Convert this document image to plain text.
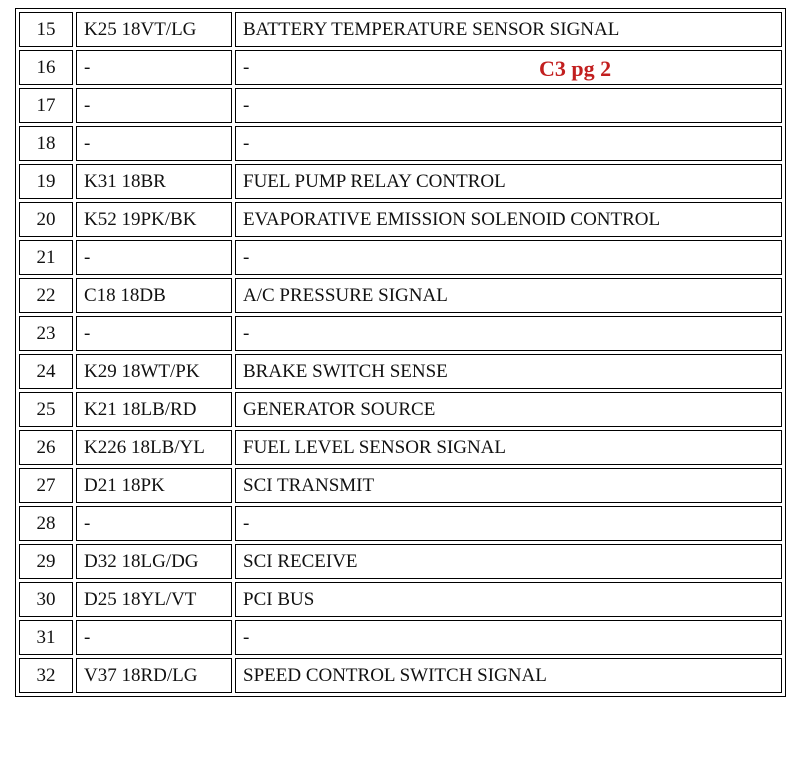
15	K25 18VT/LG	BATTERY TEMPERATURE SENSOR SIGNAL
16	-	-
17	-	-
18	-	-
19	K31 18BR	FUEL PUMP RELAY CONTROL
20	K52 19PK/BK	EVAPORATIVE EMISSION SOLENOID CONTROL
21	-	-
22	C18 18DB	A/C PRESSURE SIGNAL
23	-	-
24	K29 18WT/PK	BRAKE SWITCH SENSE
25	K21 18LB/RD	GENERATOR SOURCE
26	K226 18LB/YL	FUEL LEVEL SENSOR SIGNAL
27	D21 18PK	SCI TRANSMIT
28	-	-
29	D32 18LG/DG	SCI RECEIVE
30	D25 18YL/VT	PCI BUS
31	-	-
32	V37 18RD/LG	SPEED CONTROL SWITCH SIGNAL
C3 pg 2
